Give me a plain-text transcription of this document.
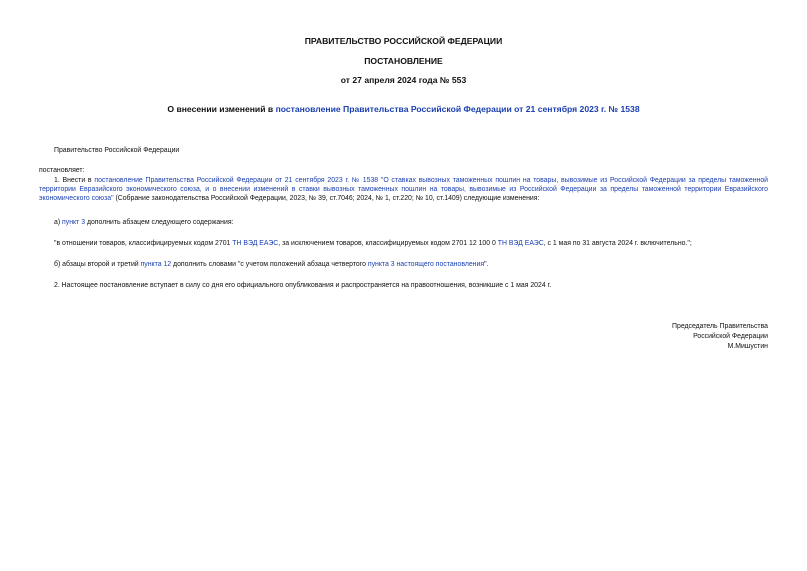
ПРАВИТЕЛЬСТВО РОССИЙСКОЙ ФЕДЕРАЦИИ
ПОСТАНОВЛЕНИЕ
от 27 апреля 2024 года № 553
О внесении изменений в постановление Правительства Российской Федерации от 21 сентября 2023 г. № 1538
Правительство Российской Федерации
постановляет:
1. Внести в постановление Правительства Российской Федерации от 21 сентября 2023 г. № 1538 "О ставках вывозных таможенных пошлин на товары, вывозимые из Российской Федерации за пределы таможенной территории Евразийского экономического союза, и о внесении изменений в ставки вывозных таможенных пошлин на товары, вывозимые из Российской Федерации за пределы таможенной территории Евразийского экономического союза" (Собрание законодательства Российской Федерации, 2023, № 39, ст.7046; 2024, № 1, ст.220; № 10, ст.1409) следующие изменения:
а) пункт 3 дополнить абзацем следующего содержания:
"в отношении товаров, классифицируемых кодом 2701 ТН ВЭД ЕАЭС, за исключением товаров, классифицируемых кодом 2701 12 100 0 ТН ВЭД ЕАЭС, с 1 мая по 31 августа 2024 г. включительно.";
б) абзацы второй и третий пункта 12 дополнить словами "с учетом положений абзаца четвертого пункта 3 настоящего постановления".
2. Настоящее постановление вступает в силу со дня его официального опубликования и распространяется на правоотношения, возникшие с 1 мая 2024 г.
Председатель Правительства
Российской Федерации
М.Мишустин
